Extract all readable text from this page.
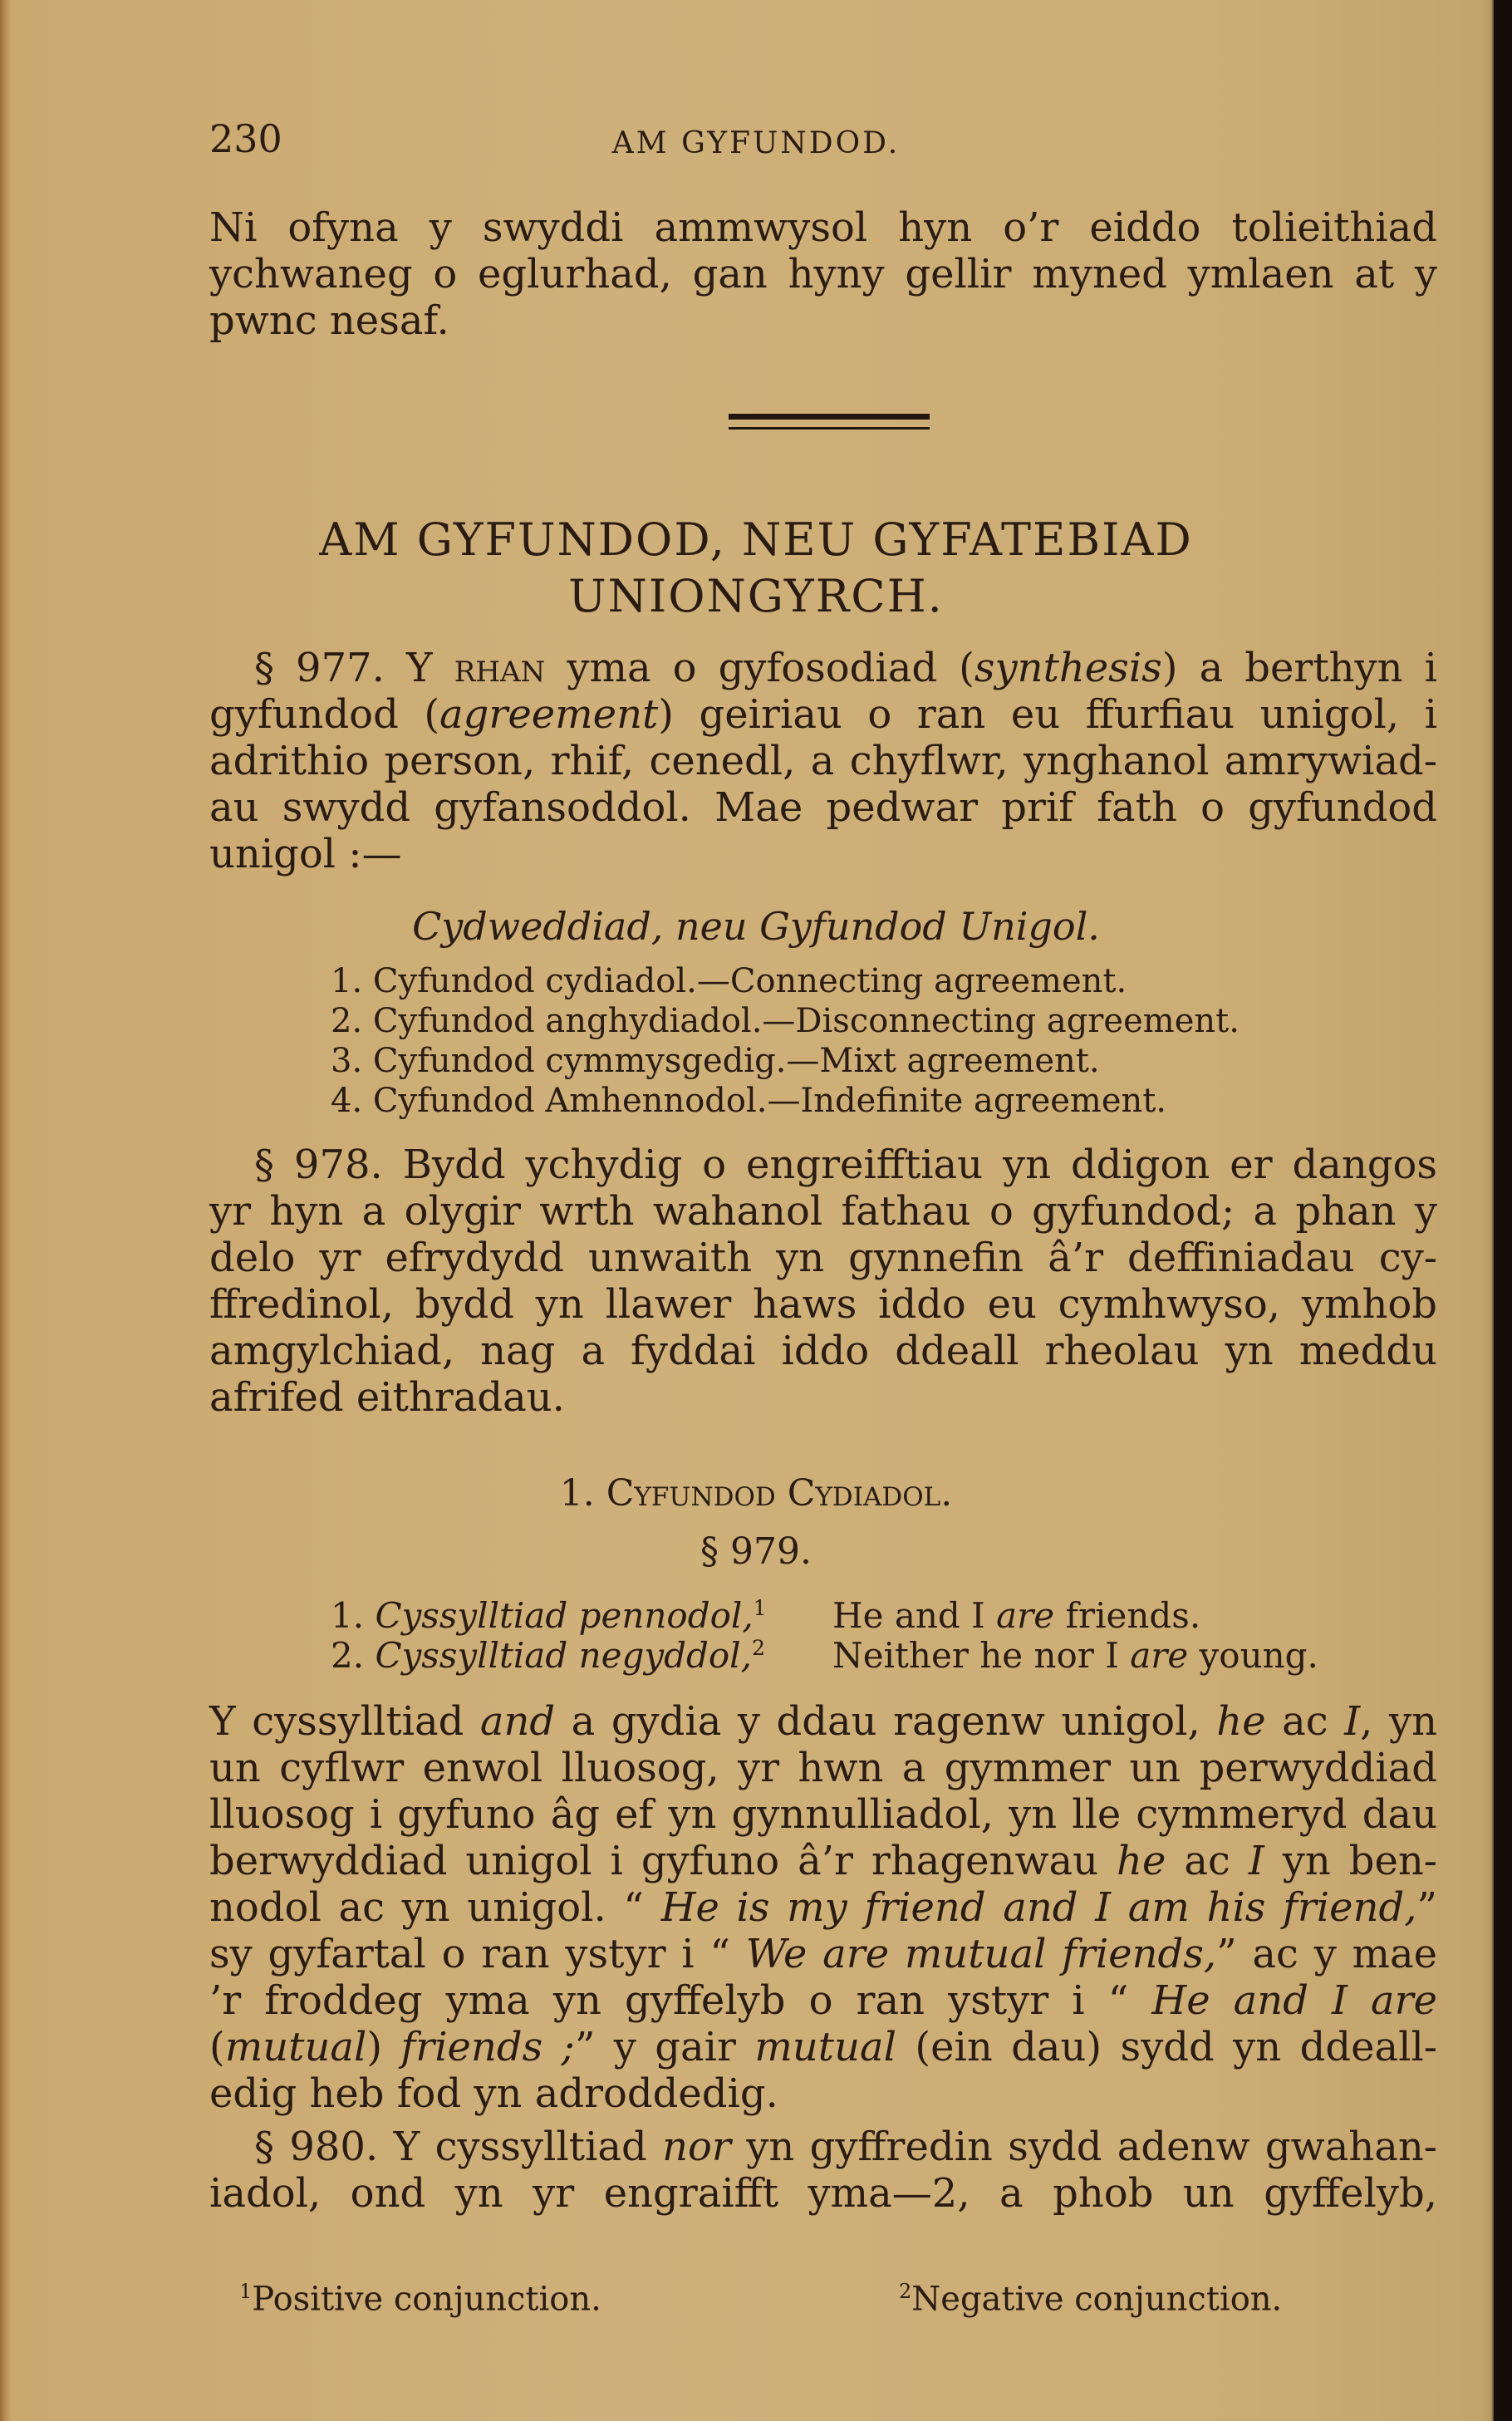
230	AM GYFUNDOD.
Ni ofyna y swyddi ammwysol hyn o’r eiddo tolieithiad
ychwaneg o eglurhad, gan hyny gellir myned ymlaen at y
pwnc nesaf.
AM GYFUNDOD, NEU GYFATEBIAD
UNIONGYRCH.
§ 977. Y rhan yma o gyfosodiad (synthesis) a berthyn i
gyfundod (agreement) geiriau o ran eu ffurfiau unigol, i
adrithio person, rhif, cenedl, a chyflwr, ynghanol amrywiad-
au swydd gyfansoddol. Mae pedwar prif fath o gyfundod
unigol :—
Cydweddiad, neu Gyfundod Unigol.
1. Cyfundod cydiadol.—Connecting agreement.
2. Cyfundod anghydiadol.—Disconnecting agreement.
3. Cyfundod cymmysgedig.—Mixt agreement.
4. Cyfundod Amhennodol.—Indefinite agreement.
§ 978. Bydd ychydig o engreifftiau yn ddigon er dangos
yr hyn a olygir wrth wahanol fathau o gyfundod; a phan y
delo yr efrydydd unwaith yn gynnefin â’r deffiniadau cy-
ffredinol, bydd yn llawer haws iddo eu cymhwyso, ymhob
amgylchiad, nag a fyddai iddo ddeall rheolau yn meddu
afrifed eithradau.
1. Cyfundod Cydiadol.
§ 979.
1. Cyssylltiad pennodol,$^1$ He and I are friends.
2. Cyssylltiad negyddol,$^2$ Neither he nor I are young.
Y cyssylltiad and a gydia y ddau ragenw unigol, he ac I, yn
un cyflwr enwol lluosog, yr hwn a gymmer un perwyddiad
lluosog i gyfuno âg ef yn gynnulliadol, yn lle cymmeryd dau
berwyddiad unigol i gyfuno â’r rhagenwau he ac I yn ben-
nodol ac yn unigol. “ He is my friend and I am his friend,”
sy gyfartal o ran ystyr i “ We are mutual friends,” ac y mae
’r froddeg yma yn gyffelyb o ran ystyr i “ He and I are
(mutual) friends ;” y gair mutual (ein dau) sydd yn ddeall-
edig heb fod yn adroddedig.
§ 980. Y cyssylltiad nor yn gyffredin sydd adenw gwahan-
iadol, ond yn yr engraifft yma—2, a phob un gyffelyb,
$^1$Positive conjunction.	$^2$Negative conjunction.
